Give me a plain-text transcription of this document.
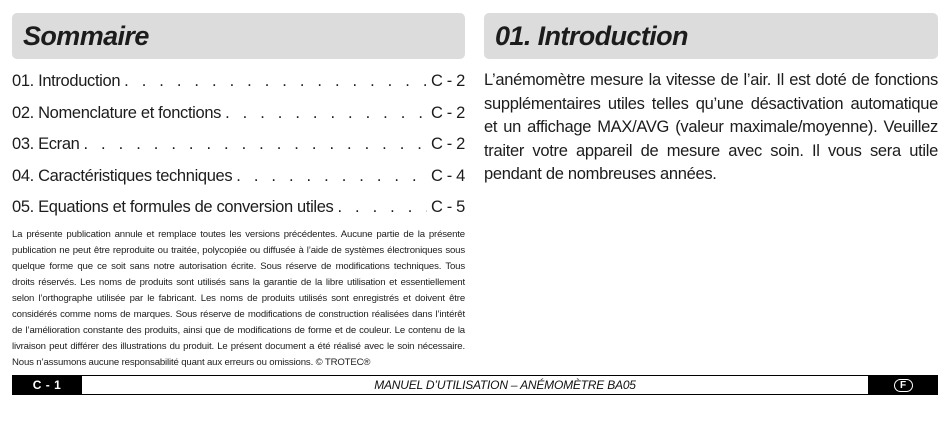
Sommaire
01. Introduction . . .	C - 2
02. Nomenclature et fonctions . . .	C - 2
03. Ecran . . .	C - 2
04. Caractéristiques techniques . . .	C - 4
05. Equations et formules de conversion utiles . . .	C - 5

La présente publication annule et remplace toutes les versions précédentes. Aucune partie de la présente publication ne peut être reproduite ou traitée, polycopiée ou diffusée à l’aide de systèmes électroniques sous quelque forme que ce soit sans notre autorisation écrite. Sous réserve de modifications techniques. Tous droits réservés. Les noms de produits sont utilisés sans la garantie de la libre utilisation et essentiellement selon l’orthographe utilisée par le fabricant. Les noms de produits utilisés sont enregistrés et doivent être considérés comme noms de marques. Sous réserve de modifications de construction réalisées dans l’intérêt de l’amélioration constante des produits, ainsi que de modifications de forme et de couleur. Le contenu de la livraison peut différer des illustrations du produit. Le présent document a été réalisé avec le soin nécessaire. Nous n’assumons aucune responsabilité quant aux erreurs ou omissions. © TROTEC®

01. Introduction

L’anémomètre mesure la vitesse de l’air. Il est doté de fonctions supplémentaires utiles telles qu’une désactivation automatique et un affichage MAX/AVG (valeur maximale/moyenne). Veuillez traiter votre appareil de mesure avec soin. Il vous sera utile pendant de nombreuses années.

C - 1	MANUEL D’UTILISATION – ANÉMOMÈTRE BA05	F
